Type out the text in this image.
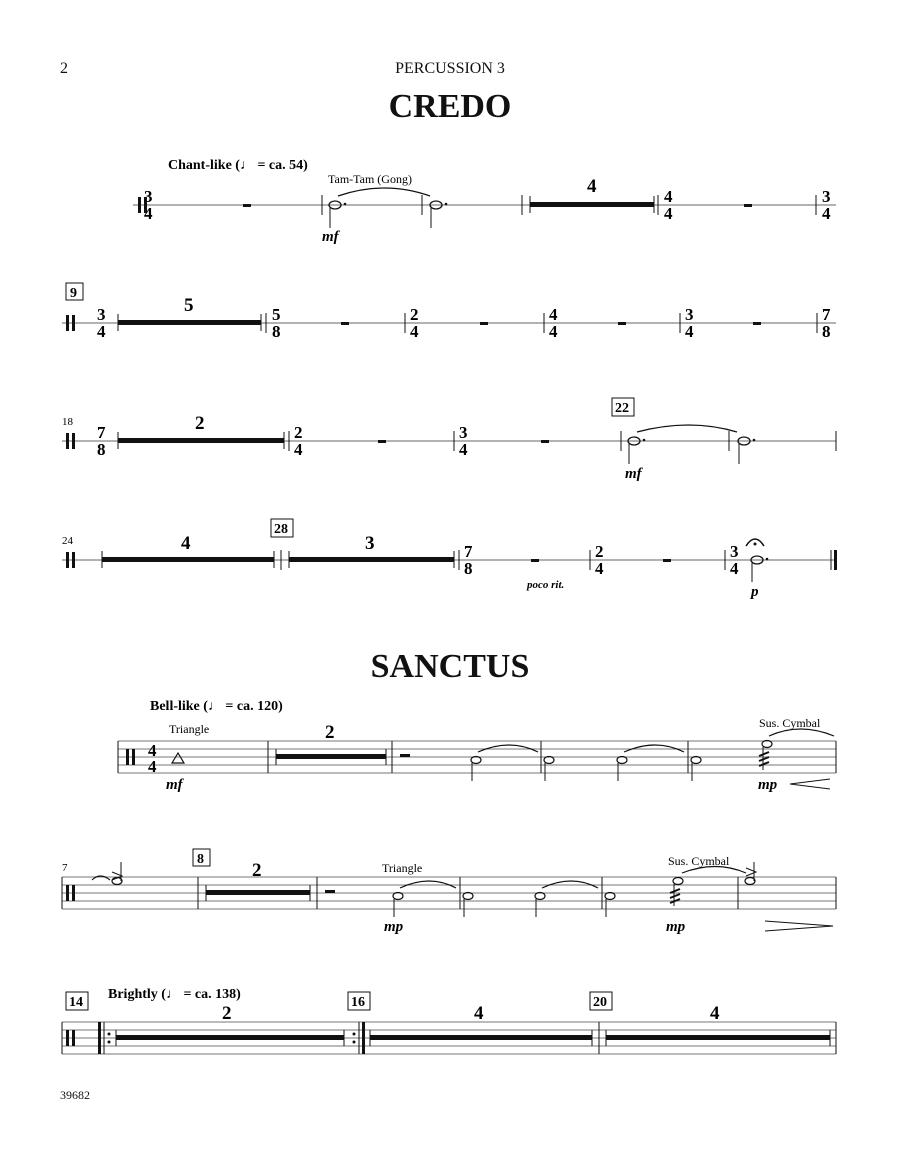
2	PERCUSSION 3
CREDO
SANCTUS
39682
Chant-like (♩ = ca. 54)
3
4
Tam-Tam (Gong)
mf
4	4
4
3
4
9
3
4
5	5
8
2
4
4
4
3
4
7
8
18
7
8
2	2
4
3
4
22
mf
24	4
28
3	7
8
poco rit.
2
4
3
4
p
Bell-like (♩ = ca. 120)
4
4
Triangle
mf
2	Sus. Cymbal
mp
7
8
2	Triangle
mp
Sus. Cymbal
mp
14
Brightly (♩ = ca. 138)
2
16
4
20
4
